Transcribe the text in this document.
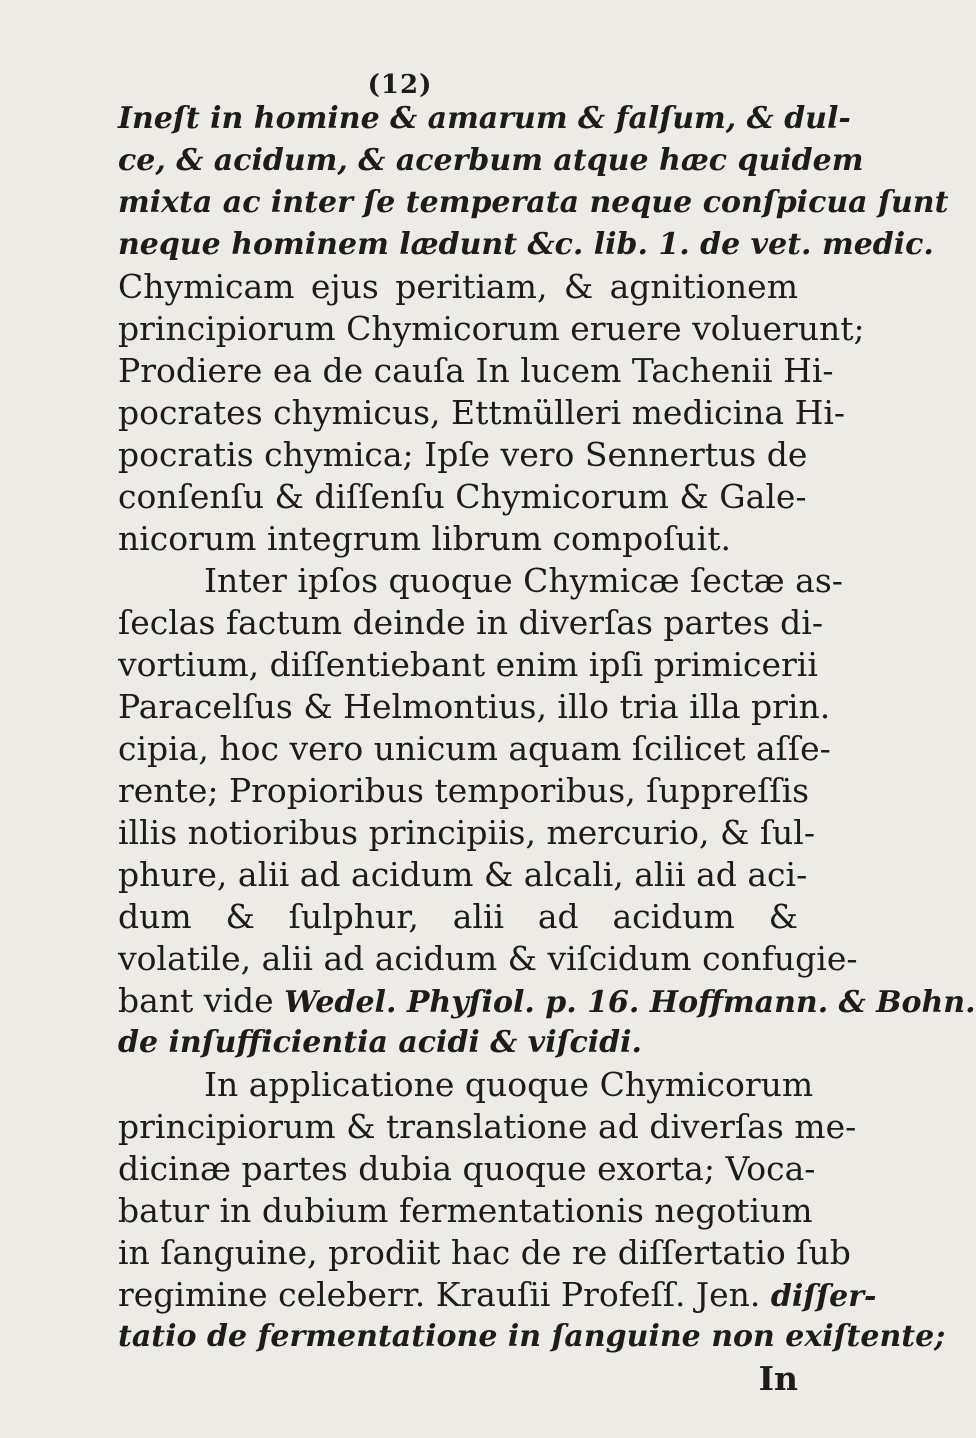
(12)
Ineſt in homine & amarum & falſum, & dul-
ce, & acidum, & acerbum atque hæc quidem
mixta ac inter ſe temperata neque conſpicua ſunt
neque hominem lædunt &c. lib. 1. de vet. medic.
Chymicam ejus peritiam, & agnitionem
principiorum Chymicorum eruere voluerunt;
Prodiere ea de cauſa In lucem Tachenii Hi-
pocrates chymicus, Ettmülleri medicina Hi-
pocratis chymica; Ipſe vero Sennertus de
conſenſu & diſſenſu Chymicorum & Gale-
nicorum integrum librum compoſuit.
Inter ipſos quoque Chymicæ ſectæ as-
ſeclas factum deinde in diverſas partes di-
vortium, diſſentiebant enim ipſi primicerii
Paracelſus & Helmontius, illo tria illa prin.
cipia, hoc vero unicum aquam ſcilicet aſſe-
rente; Propioribus temporibus, ſuppreſſis
illis notioribus principiis, mercurio, & ſul-
phure, alii ad acidum & alcali, alii ad aci-
dum & ſulphur, alii ad acidum &
volatile, alii ad acidum & viſcidum confugie-
bant vide Wedel. Phyſiol. p. 16. Hoffmann. & Bohn.
de inſufficientia acidi & viſcidi.
In applicatione quoque Chymicorum
principiorum & translatione ad diverſas me-
dicinæ partes dubia quoque exorta; Voca-
batur in dubium fermentationis negotium
in ſanguine, prodiit hac de re diſſertatio ſub
regimine celeberr. Krauſii Profeſſ. Jen. diſſer-
tatio de fermentatione in ſanguine non exiſtente;
In
